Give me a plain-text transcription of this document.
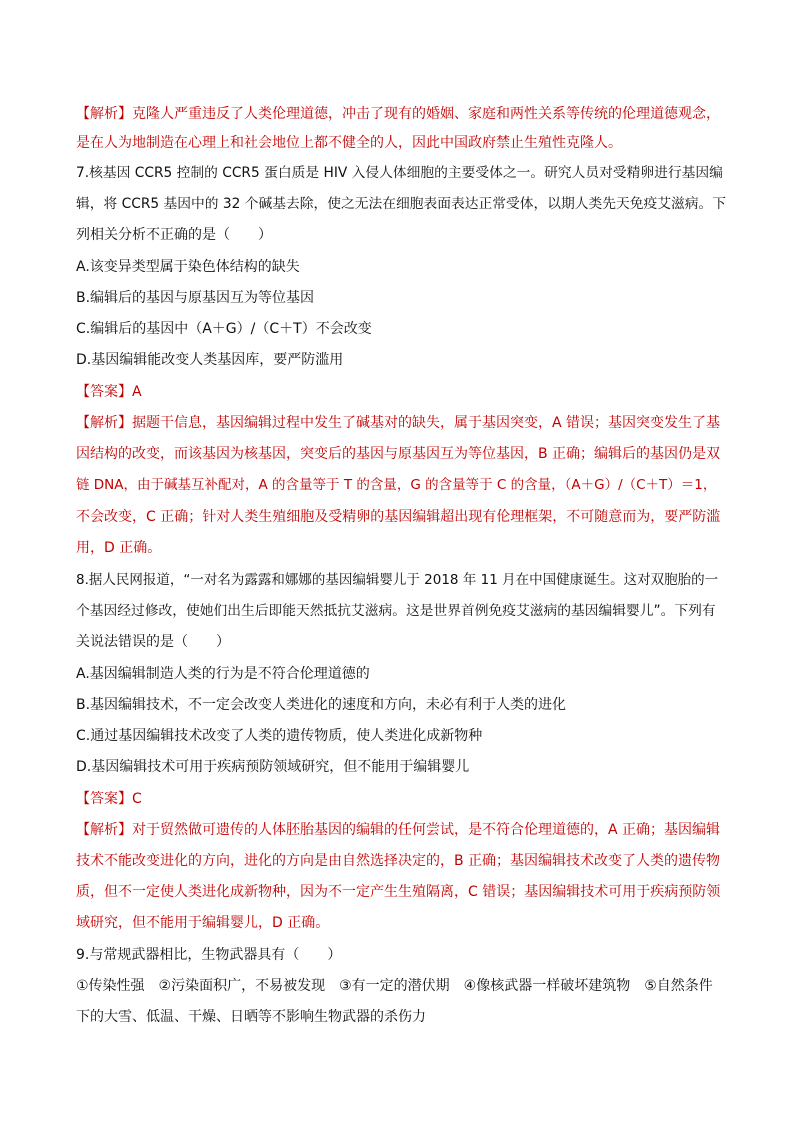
【解析】克隆人严重违反了人类伦理道德，冲击了现有的婚姻、家庭和两性关系等传统的伦理道德观念，
是在人为地制造在心理上和社会地位上都不健全的人，因此中国政府禁止生殖性克隆人。
7.核基因 CCR5 控制的 CCR5 蛋白质是 HIV 入侵人体细胞的主要受体之一。研究人员对受精卵进行基因编
辑，将 CCR5 基因中的 32 个碱基去除，使之无法在细胞表面表达正常受体，以期人类先天免疫艾滋病。下
列相关分析不正确的是（　　）
A.该变异类型属于染色体结构的缺失
B.编辑后的基因与原基因互为等位基因
C.编辑后的基因中（A＋G）/（C＋T）不会改变
D.基因编辑能改变人类基因库，要严防滥用
【答案】A
【解析】据题干信息，基因编辑过程中发生了碱基对的缺失，属于基因突变，A 错误；基因突变发生了基
因结构的改变，而该基因为核基因，突变后的基因与原基因互为等位基因，B 正确；编辑后的基因仍是双
链 DNA，由于碱基互补配对，A 的含量等于 T 的含量，G 的含量等于 C 的含量，（A＋G）/（C＋T）＝1，
不会改变，C 正确；针对人类生殖细胞及受精卵的基因编辑超出现有伦理框架，不可随意而为，要严防滥
用，D 正确。
8.据人民网报道，“一对名为露露和娜娜的基因编辑婴儿于 2018 年 11 月在中国健康诞生。这对双胞胎的一
个基因经过修改，使她们出生后即能天然抵抗艾滋病。这是世界首例免疫艾滋病的基因编辑婴儿”。下列有
关说法错误的是（　　）
A.基因编辑制造人类的行为是不符合伦理道德的
B.基因编辑技术，不一定会改变人类进化的速度和方向，未必有利于人类的进化
C.通过基因编辑技术改变了人类的遗传物质，使人类进化成新物种
D.基因编辑技术可用于疾病预防领域研究，但不能用于编辑婴儿
【答案】C
【解析】对于贸然做可遗传的人体胚胎基因的编辑的任何尝试，是不符合伦理道德的，A 正确；基因编辑
技术不能改变进化的方向，进化的方向是由自然选择决定的，B 正确；基因编辑技术改变了人类的遗传物
质，但不一定使人类进化成新物种，因为不一定产生生殖隔离，C 错误；基因编辑技术可用于疾病预防领
域研究，但不能用于编辑婴儿，D 正确。
9.与常规武器相比，生物武器具有（　　）
①传染性强　②污染面积广，不易被发现　③有一定的潜伏期　④像核武器一样破坏建筑物　⑤自然条件
下的大雪、低温、干燥、日晒等不影响生物武器的杀伤力
